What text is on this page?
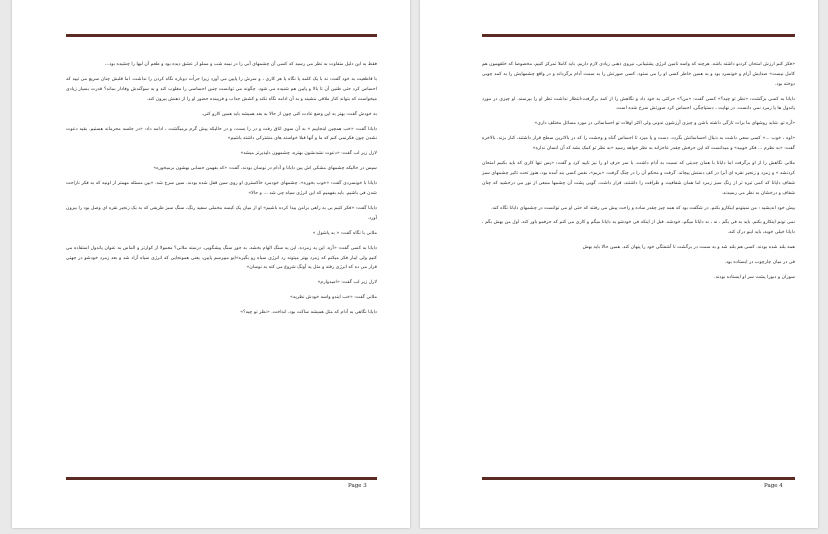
فقط به این دلیل متفاوت به نظر می رسید که کسی آن چشمهای آبی را در نیمه شب و مملو از عشق دیده بود و طعم آن لبها را چشیده بود...

با قاطعیت به خود گفت: نه با یک کلمه یا نگاه یا هر کاری ، و سرش را پایین می آورد زیرا جرأت دوباره نگاه کردن را نداشت. اما قلبش چنان سریع می تپید که احساس کرد حتی طنین آن تا بالا و پایین هم شنیده می شود. چگونه می توانست چنین احساسی را مغلوب کند و به سوگندش وفادار بماند؟ قدرت بسیار زیادی میخواست که بتواند کنار ملاقی بنشیند و به آن ادامه نگاه نکند و کشش جذاب و فریبنده حضور او را از ذهنش بیرون کند.

به خودش گفت: بهتر به این وضع عادت کنی چون از حالا به بعد همیشه باید همین کارو کنی.

دایانا گفت: «خب همچین اینجاییم » به آن سوی اتاق رفت و در را بست، و در حالیکه پیش گرم برمیگشت ، ادامه داد: «در جلسه محرمانه هستیم. بقیه دعوت نشدن چون فکرنمی کنم که ما و آنها قبلا خواسته های مشترکی داشته باشیم»

لارل زیر لب گفت: «دعوت نشدنشون بهتره، چشمهون دلپذیرتر میشه»

سپس در حالیکه چشمهای مشکی اش بین دایانا و آدام در نوسان بودند، گفت: «که بفهمن حسابی بهشون برمیخوره»

دایانا با خونسردی گفت: «خوب بخوره». چشمهای خودمرد خاکستری او روی سین قفل شده بودند. سین سرخ شد. «بین مسئله مهمتر از اونیه که به فکر ناراحت شدن فی باشیم. باید بفهمیم که این انرژی سیاه چی شد ... و حالا»

دایانا گفت: «فکر کنیم بی به راهی برامن پیدا کرده باشیم» او از میان یک کیسه مخملی سفید رنگ، سنگ سبز ظریفی که به یک زنجیر نقره ای وصل بود را بیرون آورد.

ملانی با نگاه گفت: « به پاشول »

دایانا به کسی گفت: «آره. این یه زمرده. این یه سنگ الهام بخشه. به جور سنگ پیشگویی. درسته ملانی؟ معمولا از کوارتز و الماس به عنوان پاندول استفاده می کنیم ولی ایبار فکر میکنم که زمرد بهتر میتونه رد انرژی سیاه رو بگیره»ایو میپرسم پایین، یعنی همونجایی که انرژی سیاه آزاد شد و بعد زمرد خودشو در جهتی قرار می ده که انرژی رفته و مثل یه آونگ شروع می کنه به نوسان»

لارل زیر لب گفت: «امیدوارم»

ملانی گفت: «خب ایندو واسه خودش نظریه»

دایانا نگاهی به آدام که مثل همیشه ساکت بود، انداخت. «نظر تو چیه؟»

Page 3

«فکر کنم ارزش امتحان کردنو داشته باشه. هرچند که واسه تامین انرژی پشتیبانی، نیروی ذهنی زیادی لازم داریم. باید کاملا تمرکز کنیم، مخصوصا که خلقهمون هم کامل نیست» صدایش آرام و خونسرد بود و به همین خاطر کسی او را می ستود. کسی صورتش را به سمت آدام برگرداند و در واقع چشمهایش را به کمد چوبی دوخته بود.

دایانا به کسی برگشت: «نظر تو چیه؟» کسی گفت: «من؟» حرکتی به خود داد و نگاهش را از کمد برگرفت:انتظار نداشت نظر او را بپرسند. او چیزی در مورد پاندول ها یا زمرد نمی دانست. در نهایت ، دستپاچگی، احساس کرد صورتش سرخ شده است.

«آره تو. شاید روشهای ما برات تازگی داشته باشن و چیزی آرزشون ندونی ولی اکثر اوقات تو احساساتی در مورد مسائل مختلف داری»

«اوه ، خوب ...» کسی سعی داشت به دنبال احساساتش بگردد، دست و پا میزد تا احساس گناه و وحشت را که در بالاترین سطح قرار داشتند، کنار بزند. بالاخره گفت: «به نظرم ... فکر خوبیه» و میدانست که این حرفش چقدر عاجزانه به نظر خواهد رسید «به نظر تو کمک بشه که آن انسان نداره»

ملانی نگاهش را از او برگرفت اما دایانا با همان جدیتی که نسبت به آدام داشت، با سر حرف او را نیز تایید کرد و گفت: «پس تنها کاری که باید بکنیم امتحان کردنشه » و زمرد و زنجیر نقره ای آنرا در کف دستش پیچاند. گرفت و محکم آن را در چنگ گرفت. «بریم»، نفس کسی بند آمده بود، هنوز تحت تاثیر چشمهای سبز شفاف دایانا که کمی تیره تر از رنگ سبز زمرد اما همان شفافیت و ظرافت را داشتند، قرار داشت. گویی پشت آن چشمها منبعی از نور می درخشید که چنان شفاف و درخشان به نظر می رسیدند.

پیش خود اندیشید : من نمیتونم اینکارو بکنم. در شگفت بود که همه چیز چقدر ساده و راحت پیش می رفتند که حتی او می توانست در چشمهای دایانا نگاه کند.

نمی تونم اینکارو بکنم. باید به فی بگم ، نه ، نه دایانا میگم، خودشه. قبل از اینکه فی خودشو به دایانا میگم و کاری می کنم که حرفمو باور کنه. اول من بهش بگم ، دایانا خیلی خوبه، باید اینو درک کنه.

همه بلند شده بودند. کسی هم بلند شد و به سمت در برگشت تا آشفتگی خود را پنهان کند. همین حالا باید بهش

فی در میان چارچوب در ایستاده بود.

سوزان و دبورا پشت سر او ایستاده بودند.

Page 4
